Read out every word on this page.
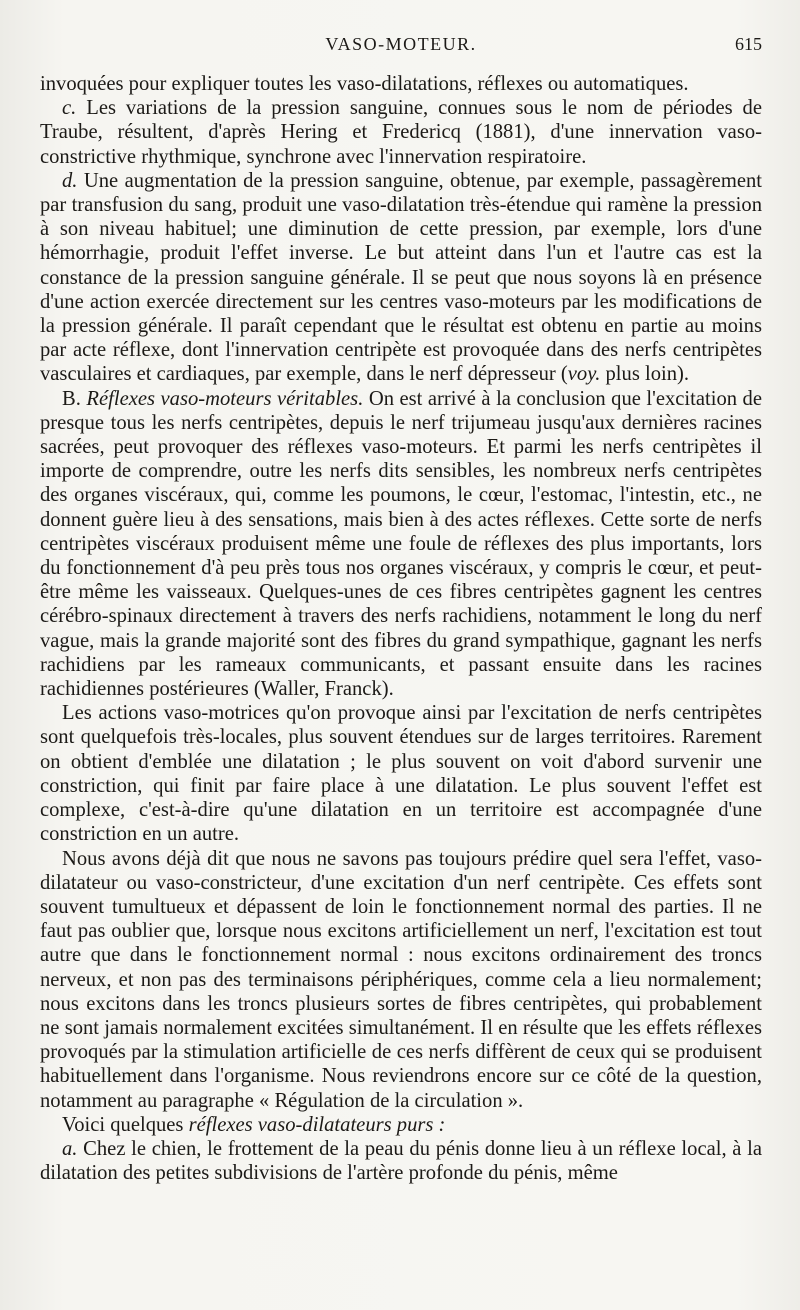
VASO-MOTEUR.	615

invoquées pour expliquer toutes les vaso-dilatations, réflexes ou automatiques.

c. Les variations de la pression sanguine, connues sous le nom de périodes de Traube, résultent, d'après Hering et Fredericq (1881), d'une innervation vaso-constrictive rhythmique, synchrone avec l'innervation respiratoire.

d. Une augmentation de la pression sanguine, obtenue, par exemple, passagèrement par transfusion du sang, produit une vaso-dilatation très-étendue qui ramène la pression à son niveau habituel; une diminution de cette pression, par exemple, lors d'une hémorrhagie, produit l'effet inverse. Le but atteint dans l'un et l'autre cas est la constance de la pression sanguine générale. Il se peut que nous soyons là en présence d'une action exercée directement sur les centres vaso-moteurs par les modifications de la pression générale. Il paraît cependant que le résultat est obtenu en partie au moins par acte réflexe, dont l'innervation centripète est provoquée dans des nerfs centripètes vasculaires et cardiaques, par exemple, dans le nerf dépresseur (voy. plus loin).

B. Réflexes vaso-moteurs véritables. On est arrivé à la conclusion que l'excitation de presque tous les nerfs centripètes, depuis le nerf trijumeau jusqu'aux dernières racines sacrées, peut provoquer des réflexes vaso-moteurs. Et parmi les nerfs centripètes il importe de comprendre, outre les nerfs dits sensibles, les nombreux nerfs centripètes des organes viscéraux, qui, comme les poumons, le cœur, l'estomac, l'intestin, etc., ne donnent guère lieu à des sensations, mais bien à des actes réflexes. Cette sorte de nerfs centripètes viscéraux produisent même une foule de réflexes des plus importants, lors du fonctionnement d'à peu près tous nos organes viscéraux, y compris le cœur, et peut-être même les vaisseaux. Quelques-unes de ces fibres centripètes gagnent les centres cérébro-spinaux directement à travers des nerfs rachidiens, notamment le long du nerf vague, mais la grande majorité sont des fibres du grand sympathique, gagnant les nerfs rachidiens par les rameaux communicants, et passant ensuite dans les racines rachidiennes postérieures (Waller, Franck).

Les actions vaso-motrices qu'on provoque ainsi par l'excitation de nerfs centripètes sont quelquefois très-locales, plus souvent étendues sur de larges territoires. Rarement on obtient d'emblée une dilatation ; le plus souvent on voit d'abord survenir une constriction, qui finit par faire place à une dilatation. Le plus souvent l'effet est complexe, c'est-à-dire qu'une dilatation en un territoire est accompagnée d'une constriction en un autre.

Nous avons déjà dit que nous ne savons pas toujours prédire quel sera l'effet, vaso-dilatateur ou vaso-constricteur, d'une excitation d'un nerf centripète. Ces effets sont souvent tumultueux et dépassent de loin le fonctionnement normal des parties. Il ne faut pas oublier que, lorsque nous excitons artificiellement un nerf, l'excitation est tout autre que dans le fonctionnement normal : nous excitons ordinairement des troncs nerveux, et non pas des terminaisons périphériques, comme cela a lieu normalement; nous excitons dans les troncs plusieurs sortes de fibres centripètes, qui probablement ne sont jamais normalement excitées simultanément. Il en résulte que les effets réflexes provoqués par la stimulation artificielle de ces nerfs diffèrent de ceux qui se produisent habituellement dans l'organisme. Nous reviendrons encore sur ce côté de la question, notamment au paragraphe « Régulation de la circulation ».

Voici quelques réflexes vaso-dilatateurs purs :

a. Chez le chien, le frottement de la peau du pénis donne lieu à un réflexe local, à la dilatation des petites subdivisions de l'artère profonde du pénis, même
